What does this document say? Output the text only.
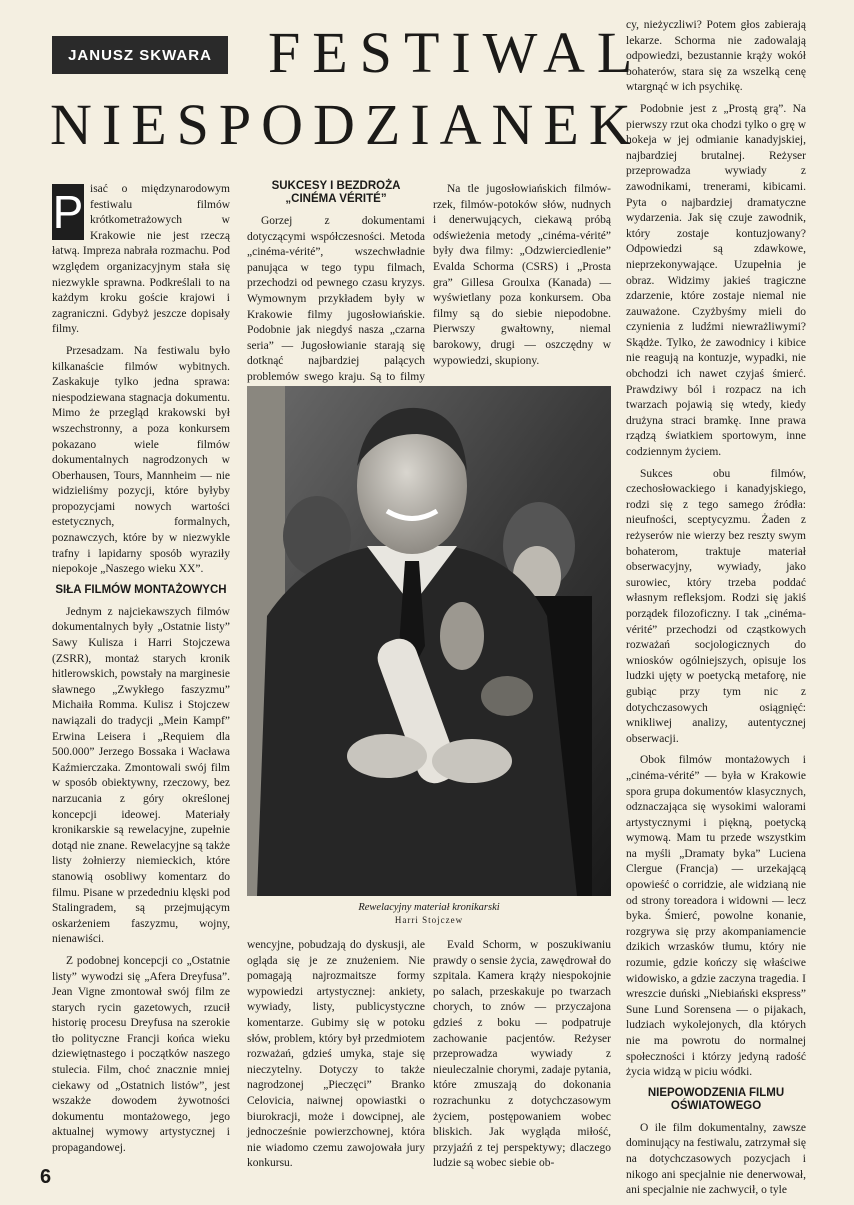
JANUSZ SKWARA FESTIWAL
NIESPODZIANEK
P isać o międzynarodowym festiwalu filmów krótkometrażowych w Krakowie nie jest rzeczą łatwą. Impreza nabrała rozmachu. Pod względem organizacyjnym stała się niezwykle sprawna. Podkreślali to na każdym kroku goście krajowi i zagraniczni. Gdybyż jeszcze dopisały filmy.

Przesadzam. Na festiwalu było kilkanaście filmów wybitnych. Zaskakuje tylko jedna sprawa: niespodziewana stagnacja dokumentu. Mimo że przegląd krakowski był wszechstronny, a poza konkursem pokazano wiele filmów dokumentalnych nagrodzonych w Oberhausen, Tours, Mannheim — nie widzieliśmy pozycji, które byłyby propozycjami nowych wartości estetycznych, formalnych, poznawczych, które by w niezwykle trafny i lapidarny sposób wyraziły niepokoje „Naszego wieku XX”.

SIŁA FILMÓW MONTAŻOWYCH

Jednym z najciekawszych filmów dokumentalnych były „Ostatnie listy” Sawy Kulisza i Harri Stojczewa (ZSRR), montaż starych kronik hitlerowskich, powstały na marginesie sławnego „Zwykłego faszyzmu” Michaiła Romma. Kulisz i Stojczew nawiązali do tradycji „Mein Kampf” Erwina Leisera i „Requiem dla 500.000” Jerzego Bossaka i Wacława Kaźmierczaka. Zmontowali swój film w sposób obiektywny, rzeczowy, bez narzucania z góry określonej koncepcji ideowej. Materiały kronikarskie są rewelacyjne, zupełnie dotąd nie znane. Rewelacyjne są także listy żołnierzy niemieckich, które stanowią osobliwy komentarz do filmu. Pisane w przededniu klęski pod Stalingradem, są przejmującym oskarżeniem faszyzmu, wojny, nienawiści.

Z podobnej koncepcji co „Ostatnie listy” wywodzi się „Afera Dreyfusa”. Jean Vigne zmontował swój film ze starych rycin gazetowych, rzucił historię procesu Dreyfusa na szerokie tło polityczne Francji końca wieku dziewiętnastego i początków naszego stulecia. Film, choć znacznie mniej ciekawy od „Ostatnich listów”, jest wszakże dowodem żywotności dokumentu montażowego, jego aktualnej wymowy artystycznej i propagandowej.

SUKCESY I BEZDROŻA „CINÉMA VÉRITÉ”

Gorzej z dokumentami dotyczącymi współczesności. Metoda „cinéma-vérité”, wszechwładnie panująca w tego typu filmach, przechodzi od pewnego czasu kryzys. Wymownym przykładem były w Krakowie filmy jugosłowiańskie. Podobnie jak niegdyś nasza „czarna seria” — Jugosłowianie starają się dotknąć najbardziej palących problemów swego kraju. Są to filmy

Na tle jugosłowiańskich filmów-rzek, filmów-potoków słów, nudnych i denerwujących, ciekawą próbą odświeżenia metody „cinéma-vérité” były dwa filmy: „Odzwierciedlenie” Evalda Schorma (CSRS) i „Prosta gra” Gillesa Groulxa (Kanada) — wyświetlany poza konkursem. Oba filmy są do siebie niepodobne. Pierwszy gwałtowny, niemal barokowy, drugi — oszczędny w wypowiedzi, skupiony.

Rewelacyjny materiał kronikarski
Harri Stojczew

wencyjne, pobudzają do dyskusji, ale ogląda się je ze znużeniem. Nie pomagają najrozmaitsze formy wypowiedzi artystycznej: ankiety, wywiady, listy, publicystyczne komentarze. Gubimy się w potoku słów, problem, który był przedmiotem rozważań, gdzieś umyka, staje się nieczytelny. Dotyczy to także nagrodzonej „Pieczęci” Branko Celovicia, naiwnej opowiastki o biurokracji, może i dowcipnej, ale jednocześnie powierzchownej, która nie wiadomo czemu zawojowała jury konkursu.

Evald Schorm, w poszukiwaniu prawdy o sensie życia, zawędrował do szpitala. Kamera krąży niespokojnie po salach, przeskakuje po twarzach chorych, to znów — przyczajona gdzieś z boku — podpatruje zachowanie pacjentów. Reżyser przeprowadza wywiady z nieuleczalnie chorymi, zadaje pytania, które zmuszają do dokonania rozrachunku z dotychczasowym życiem, postępowaniem wobec bliskich. Jak wygląda miłość, przyjaźń z tej perspektywy; dlaczego ludzie są wobec siebie ob-

cy, nieżyczliwi? Potem głos zabierają lekarze. Schorma nie zadowalają odpowiedzi, bezustannie krąży wokół bohaterów, stara się za wszelką cenę wtargnąć w ich psychikę.

Podobnie jest z „Prostą grą”. Na pierwszy rzut oka chodzi tylko o grę w hokeja w jej odmianie kanadyjskiej, najbardziej brutalnej. Reżyser przeprowadza wywiady z zawodnikami, trenerami, kibicami. Pyta o najbardziej dramatyczne wydarzenia. Jak się czuje zawodnik, który zostaje kontuzjowany? Odpowiedzi są zdawkowe, nieprzekonywające. Uzupełnia je obraz. Widzimy jakieś tragiczne zdarzenie, które zostaje niemal nie zauważone. Czyżbyśmy mieli do czynienia z ludźmi niewrażliwymi? Skądże. Tylko, że zawodnicy i kibice nie reagują na kontuzje, wypadki, nie obchodzi ich nawet czyjaś śmierć. Prawdziwy ból i rozpacz na ich twarzach pojawią się wtedy, kiedy drużyna straci bramkę. Inne prawa rządzą światkiem sportowym, inne codziennym życiem.

Sukces obu filmów, czechosłowackiego i kanadyjskiego, rodzi się z tego samego źródła: nieufności, sceptycyzmu. Żaden z reżyserów nie wierzy bez reszty swym bohaterom, traktuje materiał obserwacyjny, wywiady, jako surowiec, który trzeba poddać własnym refleksjom. Rodzi się jakiś porządek filozoficzny. I tak „cinéma-vérité” przechodzi od cząstkowych rozważań socjologicznych do wniosków ogólniejszych, opisuje los ludzki ujęty w poetycką metaforę, nie gubiąc przy tym nic z dotychczasowych osiągnięć: wnikliwej analizy, autentycznej obserwacji.

Obok filmów montażowych i „cinéma-vérité” — była w Krakowie spora grupa dokumentów klasycznych, odznaczająca się wysokimi walorami artystycznymi i piękną, poetycką wymową. Mam tu przede wszystkim na myśli „Dramaty byka” Luciena Clergue (Francja) — urzekającą opowieść o corridzie, ale widzianą nie od strony toreadora i widowni — lecz byka. Śmierć, powolne konanie, rozgrywa się przy akompaniamencie dzikich wrzasków tłumu, który nie rozumie, gdzie kończy się właściwe widowisko, a gdzie zaczyna tragedia. I wreszcie duński „Niebiański ekspress” Sune Lund Sorensena — o pijakach, ludziach wykolejonych, dla których nie ma powrotu do normalnej społeczności i którzy jedyną radość życia widzą w piciu wódki.

NIEPOWODZENIA FILMU OŚWIATOWEGO

O ile film dokumentalny, zawsze dominujący na festiwalu, zatrzymał się na dotychczasowych pozycjach i nikogo ani specjalnie nie denerwował, ani specjalnie nie zachwycił, o tyle

6
